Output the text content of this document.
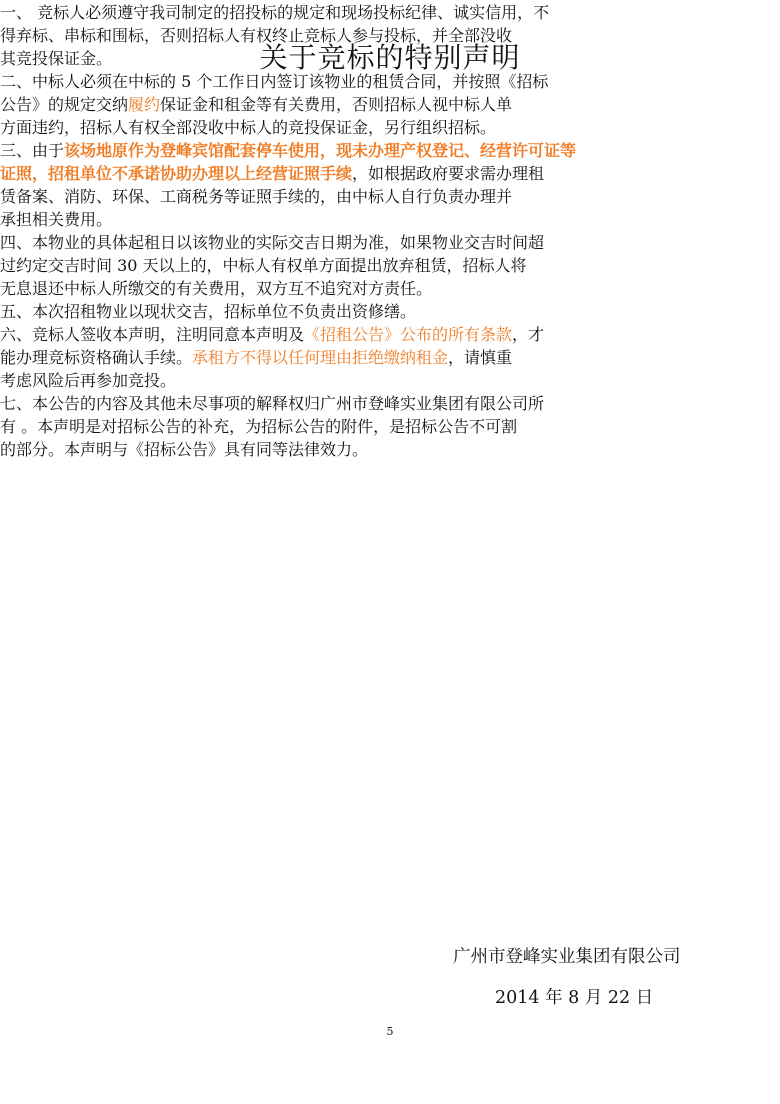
关于竞标的特别声明
一、 竞标人必须遵守我司制定的招投标的规定和现场投标纪律、诚实信用，不
得弃标、串标和围标，否则招标人有权终止竞标人参与投标，并全部没收
其竞投保证金。
二、中标人必须在中标的 5 个工作日内签订该物业的租赁合同，并按照《招标
公告》的规定交纳履约保证金和租金等有关费用，否则招标人视中标人单
方面违约，招标人有权全部没收中标人的竞投保证金，另行组织招标。
三、由于该场地原作为登峰宾馆配套停车使用，现未办理产权登记、经营许可证等
证照，招租单位不承诺协助办理以上经营证照手续，如根据政府要求需办理租
赁备案、消防、环保、工商税务等证照手续的，由中标人自行负责办理并
承担相关费用。
四、本物业的具体起租日以该物业的实际交吉日期为准，如果物业交吉时间超
过约定交吉时间 30 天以上的，中标人有权单方面提出放弃租赁，招标人将
无息退还中标人所缴交的有关费用，双方互不追究对方责任。
五、本次招租物业以现状交吉，招标单位不负责出资修缮。
六、竞标人签收本声明，注明同意本声明及《招租公告》公布的所有条款，才
能办理竞标资格确认手续。承租方不得以任何理由拒绝缴纳租金，请慎重
考虑风险后再参加竞投。
七、本公告的内容及其他未尽事项的解释权归广州市登峰实业集团有限公司所
有 。本声明是对招标公告的补充，为招标公告的附件，是招标公告不可割
的部分。本声明与《招标公告》具有同等法律效力。
广州市登峰实业集团有限公司
2014 年 8 月 22 日
5
